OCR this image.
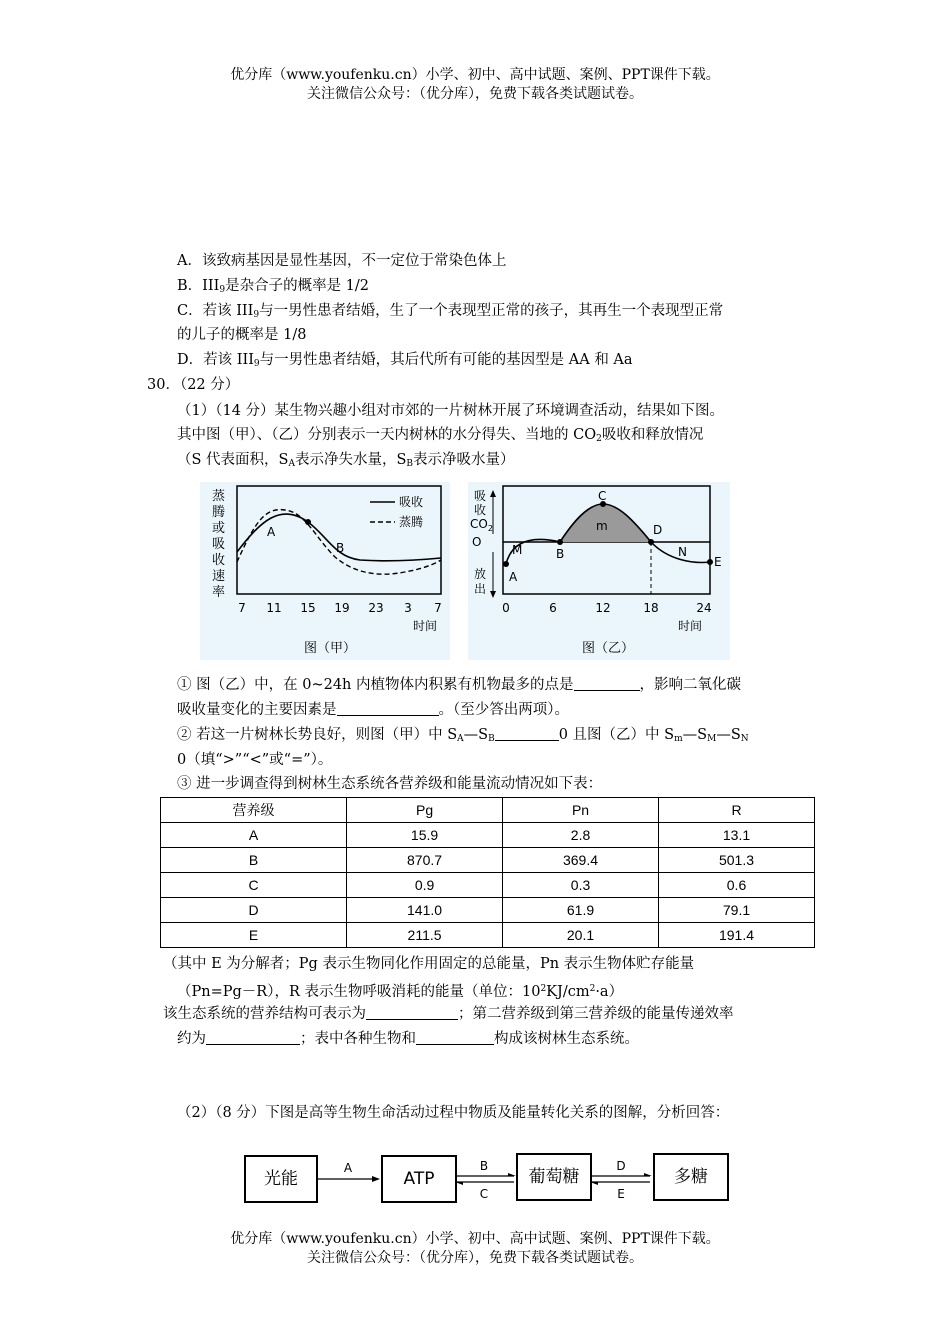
优分库（www.youfenku.cn）小学、初中、高中试题、案例、PPT课件下载。
关注微信公众号：（优分库），免费下载各类试题试卷。
A．该致病基因是显性基因，不一定位于常染色体上
B．$III_9$是杂合子的概率是 1/2
C．若该 $III_9$与一男性患者结婚，生了一个表现型正常的孩子，其再生一个表现型正常
的儿子的概率是 1/8
D．若该 $III_9$与一男性患者结婚，其后代所有可能的基因型是 AA 和 Aa
30．（22 分）
（1）（14 分）某生物兴趣小组对市郊的一片树林开展了环境调查活动，结果如下图。
其中图（甲）、（乙）分别表示一天内树林的水分得失、当地的 $CO_2$吸收和释放情况
（S 代表面积，$S_A$表示净失水量，$S_B$表示净吸水量）
蒸
腾
或
吸
收
速
率
A
B
吸收
蒸腾
7 11 15 19 23 3 7
时间
图（甲）
吸
收
$CO_2$
放
出
O
A
B
C
D
E
M	N
m
0	6	12	18	24
时间
图（乙）
① 图（乙）中，在 0~24h 内植物体内积累有机物最多的点是	，影响二氧化碳
吸收量变化的主要因素是	。（至少答出两项）。
② 若这一片树林长势良好，则图（甲）中 $S_A—S_B$	0 且图（乙）中 $S_m—S_M—S_N$
0（填“>”“<”或“=”）。
③ 进一步调查得到树林生态系统各营养级和能量流动情况如下表：
营养级	Pg	Pn	R
A	15.9	2.8	13.1
B	870.7	369.4	501.3
C	0.9	0.3	0.6
D	141.0	61.9	79.1
E	211.5	20.1	191.4
（其中 E 为分解者；Pg 表示生物同化作用固定的总能量，Pn 表示生物体贮存能量
（Pn=Pg－R），R 表示生物呼吸消耗的能量（单位：$10^2KJ/cm^2\cdot a$）
该生态系统的营养结构可表示为	；第二营养级到第三营养级的能量传递效率
约为	；表中各种生物和	构成该树林生态系统。
（2）（8 分）下图是高等生物生命活动过程中物质及能量转化关系的图解，分析回答：
光能	ATP	葡萄糖	多糖
A	B
C
D
E
优分库（www.youfenku.cn）小学、初中、高中试题、案例、PPT课件下载。
关注微信公众号：（优分库），免费下载各类试题试卷。
